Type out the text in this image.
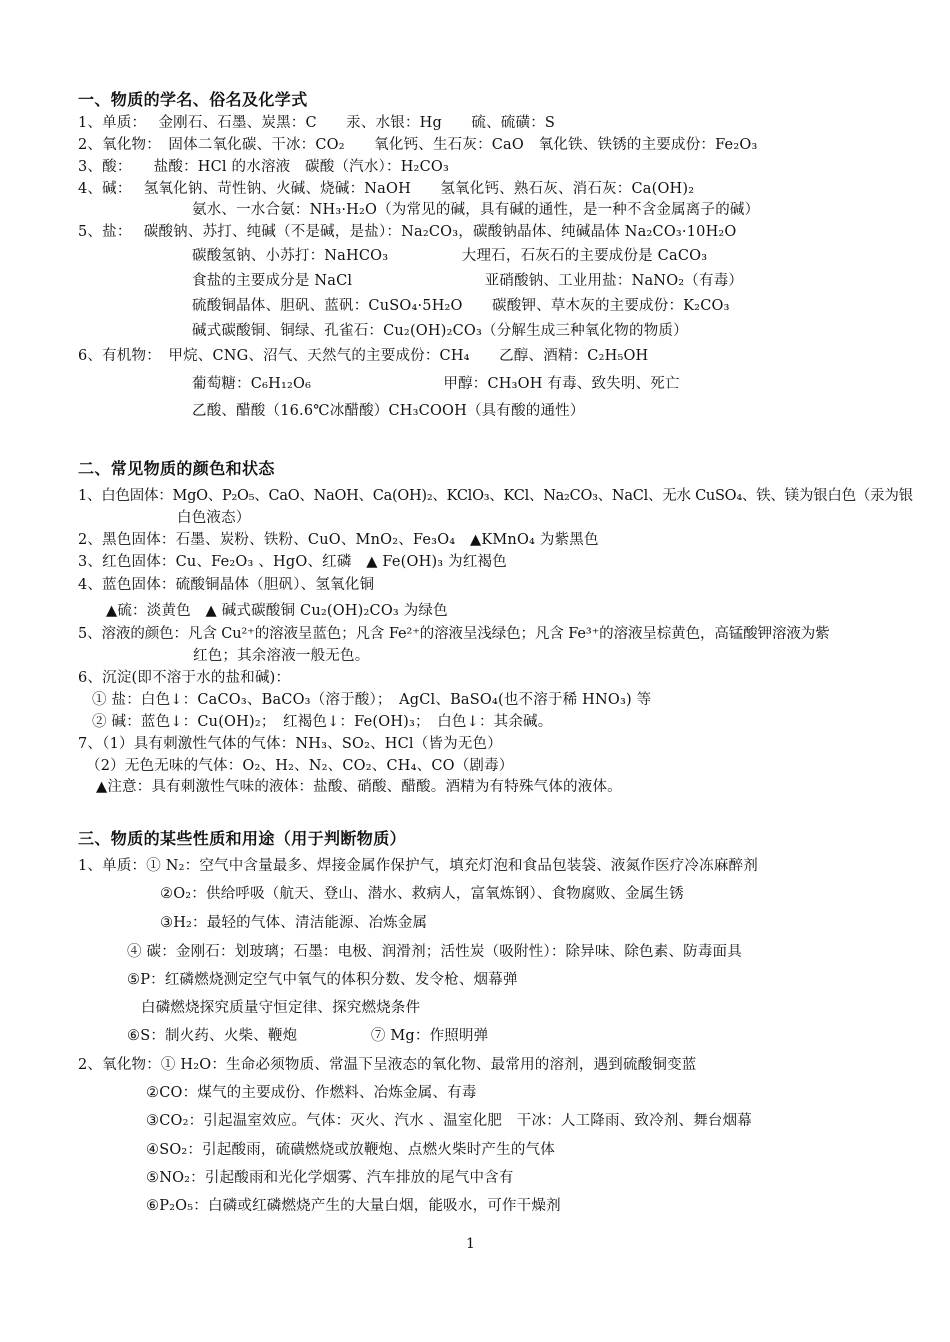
一、物质的学名、俗名及化学式
1、单质：　 金刚石、石墨、炭黑：C　　汞、水银：Hg　　硫、硫磺：S
2、氧化物：　固体二氧化碳、干冰：CO₂　　氧化钙、生石灰：CaO　氧化铁、铁锈的主要成份：Fe₂O₃
3、酸：　　盐酸：HCl 的水溶液　碳酸（汽水）：H₂CO₃
4、碱：　 氢氧化钠、苛性钠、火碱、烧碱：NaOH　　氢氧化钙、熟石灰、消石灰：Ca(OH)₂
氨水、一水合氨：NH₃·H₂O（为常见的碱，具有碱的通性，是一种不含金属离子的碱）
5、盐：　 碳酸钠、苏打、纯碱（不是碱，是盐）：Na₂CO₃，碳酸钠晶体、纯碱晶体 Na₂CO₃·10H₂O
碳酸氢钠、小苏打：NaHCO₃　　　　　大理石，石灰石的主要成份是 CaCO₃
食盐的主要成分是 NaCl　　　　　　　　　亚硝酸钠、工业用盐：NaNO₂（有毒）
硫酸铜晶体、胆矾、蓝矾：CuSO₄·5H₂O　　碳酸钾、草木灰的主要成份：K₂CO₃
碱式碳酸铜、铜绿、孔雀石：Cu₂(OH)₂CO₃（分解生成三种氧化物的物质）
6、有机物：　甲烷、CNG、沼气、天然气的主要成份：CH₄　　乙醇、酒精：C₂H₅OH
葡萄糖：C₆H₁₂O₆　　　　　　　　　甲醇：CH₃OH 有毒、致失明、死亡
乙酸、醋酸（16.6℃冰醋酸）CH₃COOH（具有酸的通性）
二、常见物质的颜色和状态
1、白色固体：MgO、P₂O₅、CaO、NaOH、Ca(OH)₂、KClO₃、KCl、Na₂CO₃、NaCl、无水 CuSO₄、铁、镁为银白色（汞为银
白色液态）
2、黑色固体：石墨、炭粉、铁粉、CuO、MnO₂、Fe₃O₄　▲KMnO₄ 为紫黑色
3、红色固体：Cu、Fe₂O₃ 、HgO、红磷　▲ Fe(OH)₃ 为红褐色
4、蓝色固体：硫酸铜晶体（胆矾）、氢氧化铜
▲硫：淡黄色　▲ 碱式碳酸铜 Cu₂(OH)₂CO₃ 为绿色
5、溶液的颜色：凡含 Cu²⁺的溶液呈蓝色；凡含 Fe²⁺的溶液呈浅绿色；凡含 Fe³⁺的溶液呈棕黄色，高锰酸钾溶液为紫
红色；其余溶液一般无色。
6、沉淀(即不溶于水的盐和碱)：
① 盐：白色↓：CaCO₃、BaCO₃（溶于酸）；　AgCl、BaSO₄(也不溶于稀 HNO₃) 等
② 碱：蓝色↓：Cu(OH)₂；　红褐色↓：Fe(OH)₃；　白色↓：其余碱。
7、（1）具有刺激性气体的气体：NH₃、SO₂、HCl（皆为无色）
（2）无色无味的气体：O₂、H₂、N₂、CO₂、CH₄、CO（剧毒）
▲注意：具有刺激性气味的液体：盐酸、硝酸、醋酸。酒精为有特殊气体的液体。
三、物质的某些性质和用途（用于判断物质）
1、单质：① N₂：空气中含量最多、焊接金属作保护气，填充灯泡和食品包装袋、液氮作医疗冷冻麻醉剂
②O₂：供给呼吸（航天、登山、潜水、救病人，富氧炼钢）、食物腐败、金属生锈
③H₂：最轻的气体、清洁能源、冶炼金属
④ 碳：金刚石：划玻璃；石墨：电极、润滑剂；活性炭（吸附性）：除异味、除色素、防毒面具
⑤P：红磷燃烧测定空气中氧气的体积分数、发令枪、烟幕弹
白磷燃烧探究质量守恒定律、探究燃烧条件
⑥S：制火药、火柴、鞭炮　　　　　⑦ Mg：作照明弹
2、氧化物：① H₂O：生命必须物质、常温下呈液态的氧化物、最常用的溶剂，遇到硫酸铜变蓝
②CO：煤气的主要成份、作燃料、冶炼金属、有毒
③CO₂：引起温室效应。气体：灭火、汽水 、温室化肥　干冰：人工降雨、致冷剂、舞台烟幕
④SO₂：引起酸雨，硫磺燃烧或放鞭炮、点燃火柴时产生的气体
⑤NO₂：引起酸雨和光化学烟雾、汽车排放的尾气中含有
⑥P₂O₅：白磷或红磷燃烧产生的大量白烟，能吸水，可作干燥剂
1
